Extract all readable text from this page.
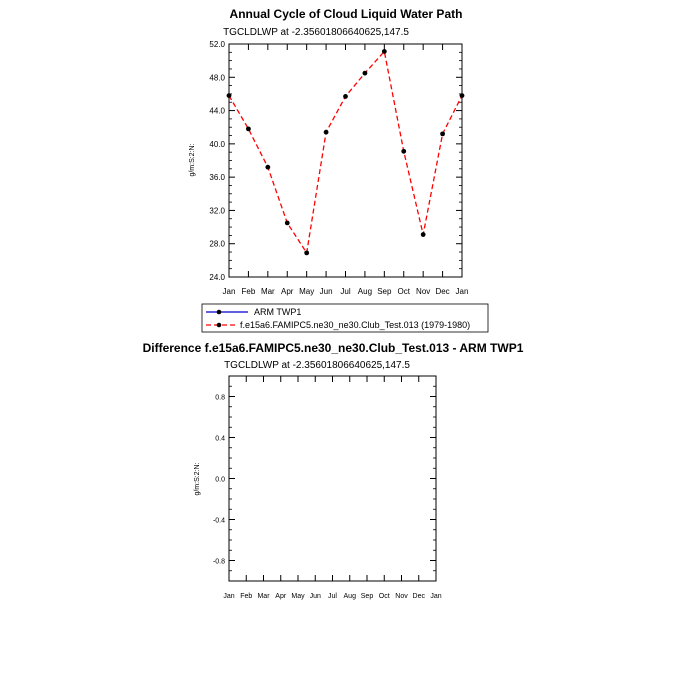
Annual Cycle of Cloud Liquid Water Path
TGCLDLWP at -2.35601806640625,147.5
g/m:S:2:N:
24.0
28.0
32.0
36.0
40.0
44.0
48.0
52.0
Jan Feb Mar Apr May Jun Jul Aug Sep Oct Nov Dec Jan
ARM TWP1
f.e15a6.FAMIPC5.ne30_ne30.Club_Test.013 (1979-1980)
Difference f.e15a6.FAMIPC5.ne30_ne30.Club_Test.013 - ARM TWP1
TGCLDLWP at -2.35601806640625,147.5
g/m:S:2:N:
-0.8
-0.4
0.0
0.4
0.8
Jan Feb Mar Apr May Jun Jul Aug Sep Oct Nov Dec Jan
